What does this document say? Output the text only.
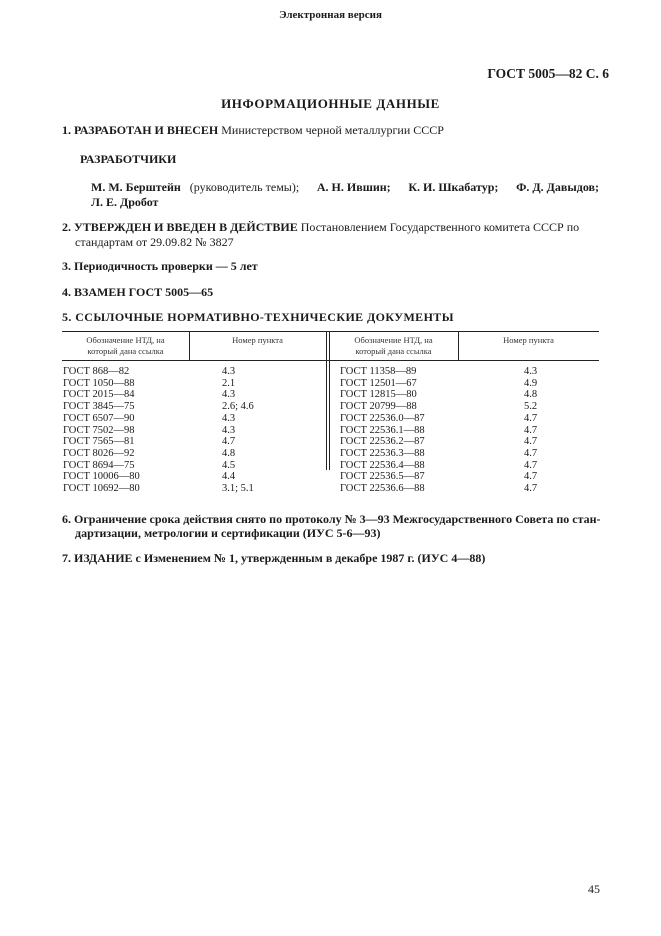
Электронная версия
ГОСТ 5005—82 С. 6
ИНФОРМАЦИОННЫЕ ДАННЫЕ
1. РАЗРАБОТАН И ВНЕСЕН Министерством черной металлургии СССР
РАЗРАБОТЧИКИ
М. М. Берштейн (руководитель темы); А. Н. Ившин; К. И. Шкабатур; Ф. Д. Давыдов;
Л. Е. Дробот
2. УТВЕРЖДЕН И ВВЕДЕН В ДЕЙСТВИЕ Постановлением Государственного комитета СССР по
стандартам от 29.09.82 № 3827
3. Периодичность проверки — 5 лет
4. ВЗАМЕН ГОСТ 5005—65
5. ССЫЛОЧНЫЕ НОРМАТИВНО-ТЕХНИЧЕСКИЕ ДОКУМЕНТЫ
Обозначение НТД, на
который дана ссылка
Номер пункта	Обозначение НТД, на
который дана ссылка
Номер пункта
ГОСТ 868—82	4.3	ГОСТ 11358—89	4.3
ГОСТ 1050—88	2.1	ГОСТ 12501—67	4.9
ГОСТ 2015—84	4.3	ГОСТ 12815—80	4.8
ГОСТ 3845—75	2.6; 4.6	ГОСТ 20799—88	5.2
ГОСТ 6507—90	4.3	ГОСТ 22536.0—87	4.7
ГОСТ 7502—98	4.3	ГОСТ 22536.1—88	4.7
ГОСТ 7565—81	4.7	ГОСТ 22536.2—87	4.7
ГОСТ 8026—92	4.8	ГОСТ 22536.3—88	4.7
ГОСТ 8694—75	4.5	ГОСТ 22536.4—88	4.7
ГОСТ 10006—80	4.4	ГОСТ 22536.5—87	4.7
ГОСТ 10692—80	3.1; 5.1	ГОСТ 22536.6—88	4.7
6. Ограничение срока действия снято по протоколу № 3—93 Межгосударственного Совета по стан-
дартизации, метрологии и сертификации (ИУС 5-6—93)
7. ИЗДАНИЕ с Изменением № 1, утвержденным в декабре 1987 г. (ИУС 4—88)
45
